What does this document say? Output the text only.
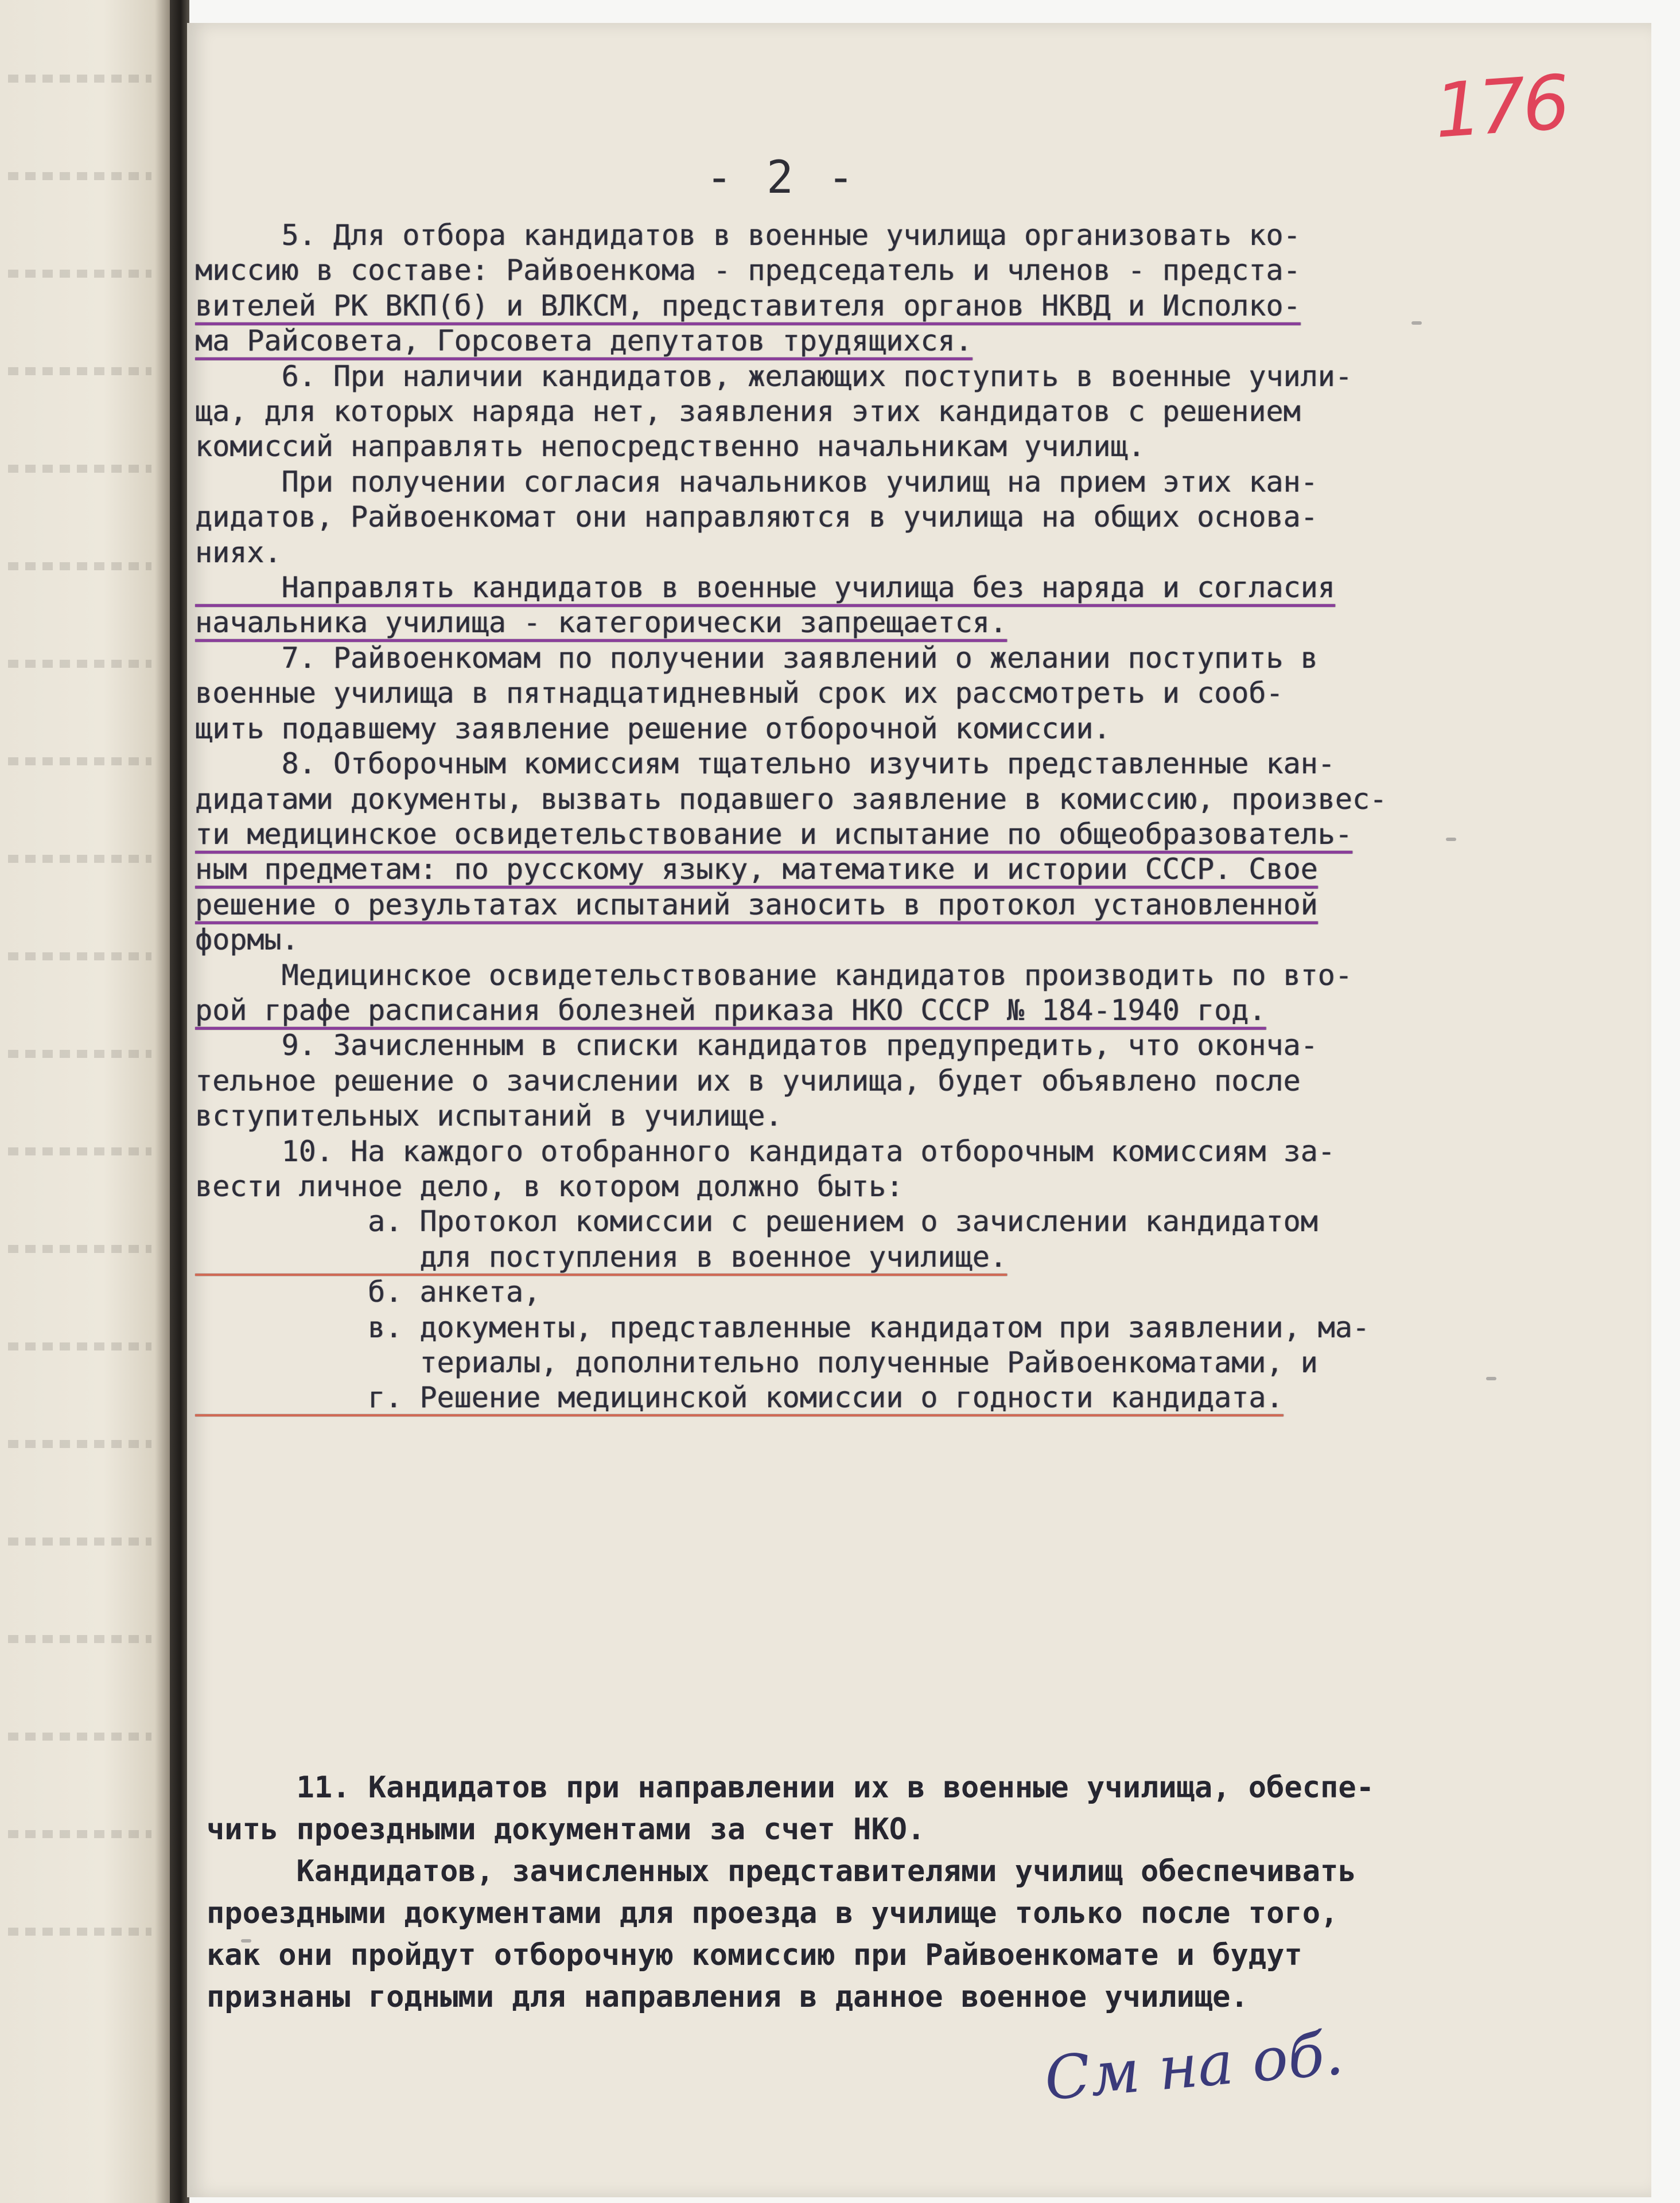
176
- 2 -
5. Для отбора кандидатов в военные училища организовать ко-
миссию в составе: Райвоенкома - председатель и членов - предста-
вителей РК ВКП(б) и ВЛКСМ, представителя органов НКВД и Исполко-
ма Райсовета, Горсовета депутатов трудящихся.
6. При наличии кандидатов, желающих поступить в военные учили-
ща, для которых наряда нет, заявления этих кандидатов с решением
комиссий направлять непосредственно начальникам училищ.
При получении согласия начальников училищ на прием этих кан-
дидатов, Райвоенкомат они направляются в училища на общих основа-
ниях.
Направлять кандидатов в военные училища без наряда и согласия
начальника училища - категорически запрещается.
7. Райвоенкомам по получении заявлений о желании поступить в
военные училища в пятнадцатидневный срок их рассмотреть и сооб-
щить подавшему заявление решение отборочной комиссии.
8. Отборочным комиссиям тщательно изучить представленные кан-
дидатами документы, вызвать подавшего заявление в комиссию, произвес-
ти медицинское освидетельствование и испытание по общеобразователь-
ным предметам: по русскому языку, математике и истории СССР. Свое
решение о результатах испытаний заносить в протокол установленной
формы.
Медицинское освидетельствование кандидатов производить по вто-
рой графе расписания болезней приказа НКО СССР № 184-1940 год.
9. Зачисленным в списки кандидатов предупредить, что оконча-
тельное решение о зачислении их в училища, будет объявлено после
вступительных испытаний в училище.
10. На каждого отобранного кандидата отборочным комиссиям за-
вести личное дело, в котором должно быть:
а. Протокол комиссии с решением о зачислении кандидатом
для поступления в военное училище.
б. анкета,
в. документы, представленные кандидатом при заявлении, ма-
териалы, дополнительно полученные Райвоенкоматами, и
г. Решение медицинской комиссии о годности кандидата.
11. Кандидатов при направлении их в военные училища, обеспе-
чить проездными документами за счет НКО.
Кандидатов, зачисленных представителями училищ обеспечивать
проездными документами для проезда в училище только после того,
как они пройдут отборочную комиссию при Райвоенкомате и будут
признаны годными для направления в данное военное училище.
См на об.
